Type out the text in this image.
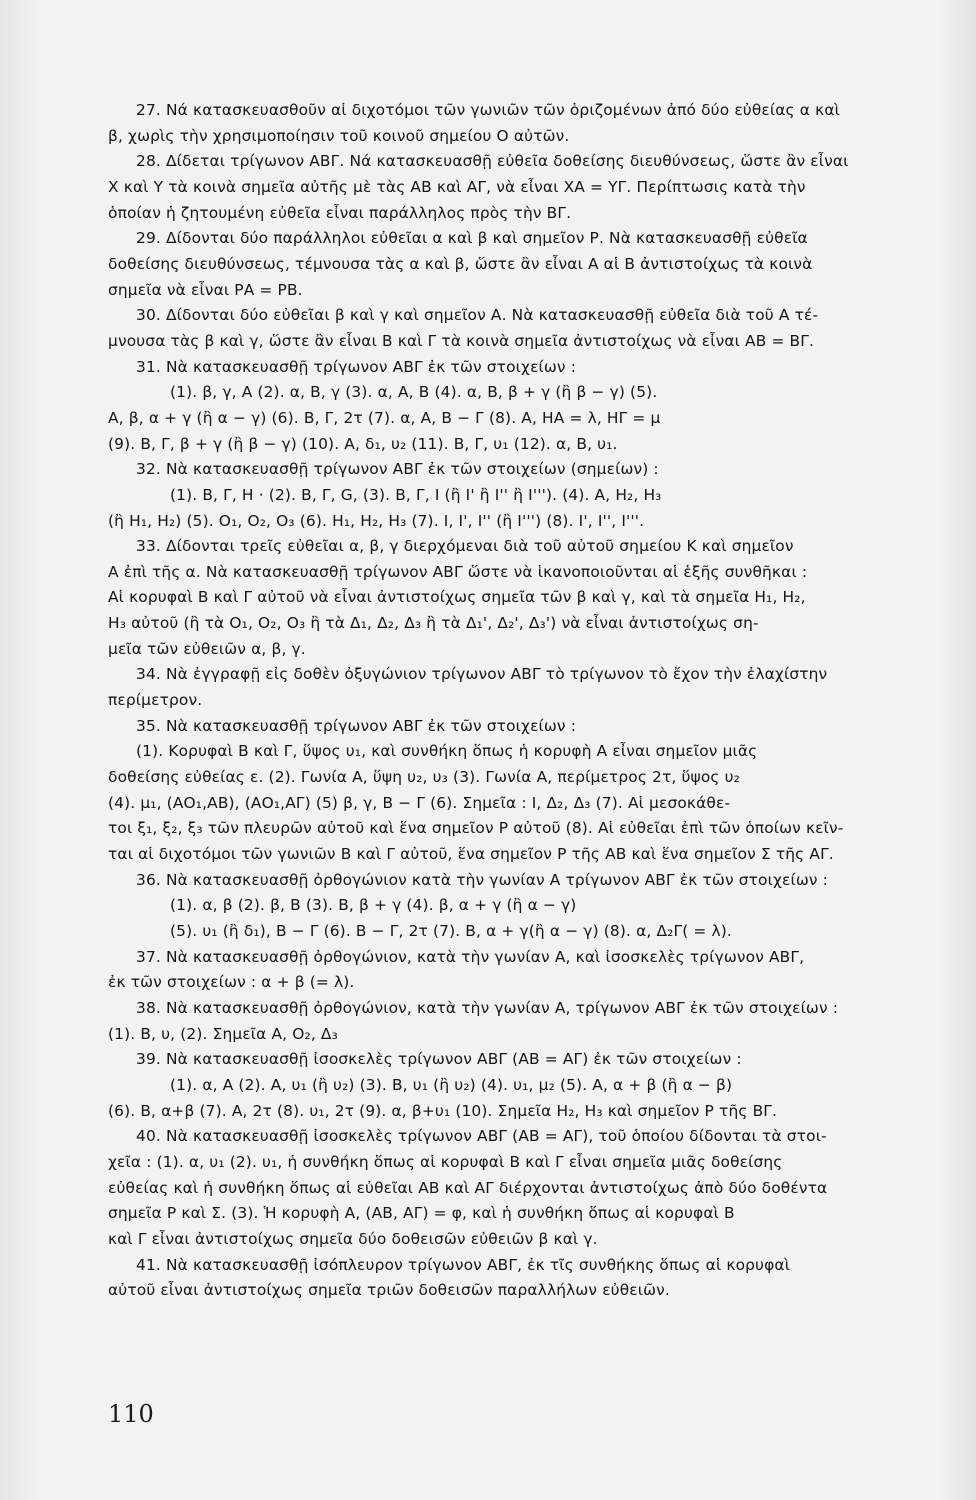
27. Νά κατασκευασθοῦν αἱ διχοτόμοι τῶν γωνιῶν τῶν ὁριζομένων ἀπό δύο εὐθείας α καὶ
β, χωρὶς τὴν χρησιμοποίησιν τοῦ κοινοῦ σημείου Ο αὐτῶν.
28. Δίδεται τρίγωνον ΑΒΓ. Νά κατασκευασθῇ εὐθεῖα δοθείσης διευθύνσεως, ὥστε ἂν εἶναι
Χ καὶ Υ τὰ κοινὰ σημεῖα αὐτῆς μὲ τὰς ΑΒ καὶ ΑΓ, νὰ εἶναι ΧΑ = ΥΓ. Περίπτωσις κατὰ τὴν
ὁποίαν ἡ ζητουμένη εὐθεῖα εἶναι παράλληλος πρὸς τὴν ΒΓ.
29. Δίδονται δύο παράλληλοι εὐθεῖαι α καὶ β καὶ σημεῖον Ρ. Νὰ κατασκευασθῇ εὐθεῖα
δοθείσης διευθύνσεως, τέμνουσα τὰς α καὶ β, ὥστε ἂν εἶναι Α αἱ Β ἀντιστοίχως τὰ κοινὰ
σημεῖα νὰ εἶναι ΡΑ = ΡΒ.
30. Δίδονται δύο εὐθεῖαι β καὶ γ καὶ σημεῖον Α. Νὰ κατασκευασθῇ εὐθεῖα διὰ τοῦ Α τέ-
μνουσα τὰς β καὶ γ, ὥστε ἂν εἶναι Β καὶ Γ τὰ κοινὰ σημεῖα ἀντιστοίχως νὰ εἶναι ΑΒ = ΒΓ.
31. Νὰ κατασκευασθῇ τρίγωνον ΑΒΓ ἐκ τῶν στοιχείων :
(1). β, γ, Α (2). α, Β, γ (3). α, Α, Β (4). α, Β, β + γ (ἢ β − γ) (5).
Α, β, α + γ (ἢ α − γ) (6). Β, Γ, 2τ (7). α, Α, Β − Γ (8). Α, ΗΑ = λ, ΗΓ = μ
(9). Β, Γ, β + γ (ἢ β − γ) (10). Α, δ₁, υ₂ (11). Β, Γ, υ₁ (12). α, Β, υ₁.
32. Νὰ κατασκευασθῇ τρίγωνον ΑΒΓ ἐκ τῶν στοιχείων (σημείων) :
(1). Β, Γ, Η · (2). Β, Γ, G, (3). Β, Γ, Ι (ἢ Ι' ἢ Ι'' ἢ Ι'''). (4). Α, Η₂, Η₃
(ἢ Η₁, Η₂) (5). Ο₁, Ο₂, Ο₃ (6). Η₁, Η₂, Η₃ (7). Ι, Ι', Ι'' (ἢ Ι''') (8). Ι', Ι'', Ι'''.
33. Δίδονται τρεῖς εὐθεῖαι α, β, γ διερχόμεναι διὰ τοῦ αὐτοῦ σημείου Κ καὶ σημεῖον
Α ἐπὶ τῆς α. Νὰ κατασκευασθῇ τρίγωνον ΑΒΓ ὥστε νὰ ἱκανοποιοῦνται αἱ ἑξῆς συνθῆκαι :
Αἱ κορυφαὶ Β καὶ Γ αὐτοῦ νὰ εἶναι ἀντιστοίχως σημεῖα τῶν β καὶ γ, καὶ τὰ σημεῖα Η₁, Η₂,
Η₃ αὐτοῦ (ἢ τὰ Ο₁, Ο₂, Ο₃ ἢ τὰ Δ₁, Δ₂, Δ₃ ἢ τὰ Δ₁', Δ₂', Δ₃') νὰ εἶναι ἀντιστοίχως ση-
μεῖα τῶν εὐθειῶν α, β, γ.
34. Νὰ ἐγγραφῇ εἰς δοθὲν ὀξυγώνιον τρίγωνον ΑΒΓ τὸ τρίγωνον τὸ ἔχον τὴν ἐλαχίστην
περίμετρον.
35. Νὰ κατασκευασθῇ τρίγωνον ΑΒΓ ἐκ τῶν στοιχείων :
(1). Κορυφαὶ Β καὶ Γ, ὕψος υ₁, καὶ συνθήκη ὅπως ἡ κορυφὴ Α εἶναι σημεῖον μιᾶς
δοθείσης εὐθείας ε. (2). Γωνία Α, ὕψη υ₂, υ₃ (3). Γωνία Α, περίμετρος 2τ, ὕψος υ₂
(4). μ₁, (ΑΟ₁,ΑΒ), (ΑΟ₁,ΑΓ) (5) β, γ, Β − Γ (6). Σημεῖα : Ι, Δ₂, Δ₃ (7). Αἱ μεσοκάθε-
τοι ξ₁, ξ₂, ξ₃ τῶν πλευρῶν αὐτοῦ καὶ ἕνα σημεῖον Ρ αὐτοῦ (8). Αἱ εὐθεῖαι ἐπὶ τῶν ὁποίων κεῖν-
ται αἱ διχοτόμοι τῶν γωνιῶν Β καὶ Γ αὐτοῦ, ἕνα σημεῖον Ρ τῆς ΑΒ καὶ ἕνα σημεῖον Σ τῆς ΑΓ.
36. Νὰ κατασκευασθῇ ὀρθογώνιον κατὰ τὴν γωνίαν Α τρίγωνον ΑΒΓ ἐκ τῶν στοιχείων :
(1). α, β (2). β, Β (3). Β, β + γ (4). β, α + γ (ἢ α − γ)
(5). υ₁ (ἢ δ₁), Β − Γ (6). Β − Γ, 2τ (7). Β, α + γ(ἢ α − γ) (8). α, Δ₂Γ( = λ).
37. Νὰ κατασκευασθῇ ὀρθογώνιον, κατὰ τὴν γωνίαν Α, καὶ ἰσοσκελὲς τρίγωνον ΑΒΓ,
ἐκ τῶν στοιχείων : α + β (= λ).
38. Νὰ κατασκευασθῇ ὀρθογώνιον, κατὰ τὴν γωνίαν Α, τρίγωνον ΑΒΓ ἐκ τῶν στοιχείων :
(1). Β, υ, (2). Σημεῖα Α, Ο₂, Δ₃
39. Νὰ κατασκευασθῇ ἰσοσκελὲς τρίγωνον ΑΒΓ (ΑΒ = ΑΓ) ἐκ τῶν στοιχείων :
(1). α, Α (2). Α, υ₁ (ἢ υ₂) (3). Β, υ₁ (ἢ υ₂) (4). υ₁, μ₂ (5). Α, α + β (ἢ α − β)
(6). Β, α+β (7). Α, 2τ (8). υ₁, 2τ (9). α, β+υ₁ (10). Σημεῖα Η₂, Η₃ καὶ σημεῖον Ρ τῆς ΒΓ.
40. Νὰ κατασκευασθῇ ἰσοσκελὲς τρίγωνον ΑΒΓ (ΑΒ = ΑΓ), τοῦ ὁποίου δίδονται τὰ στοι-
χεῖα : (1). α, υ₁ (2). υ₁, ἡ συνθήκη ὅπως αἱ κορυφαὶ Β καὶ Γ εἶναι σημεῖα μιᾶς δοθείσης
εὐθείας καὶ ἡ συνθήκη ὅπως αἱ εὐθεῖαι ΑΒ καὶ ΑΓ διέρχονται ἀντιστοίχως ἀπὸ δύο δοθέντα
σημεῖα Ρ καὶ Σ. (3). Ἡ κορυφὴ Α, (ΑΒ, ΑΓ) = φ, καὶ ἡ συνθήκη ὅπως αἱ κορυφαὶ Β
καὶ Γ εἶναι ἀντιστοίχως σημεῖα δύο δοθεισῶν εὐθειῶν β καὶ γ.
41. Νὰ κατασκευασθῇ ἰσόπλευρον τρίγωνον ΑΒΓ, ἐκ τῖς συνθήκης ὅπως αἱ κορυφαὶ
αὐτοῦ εἶναι ἀντιστοίχως σημεῖα τριῶν δοθεισῶν παραλλήλων εὐθειῶν.
110
